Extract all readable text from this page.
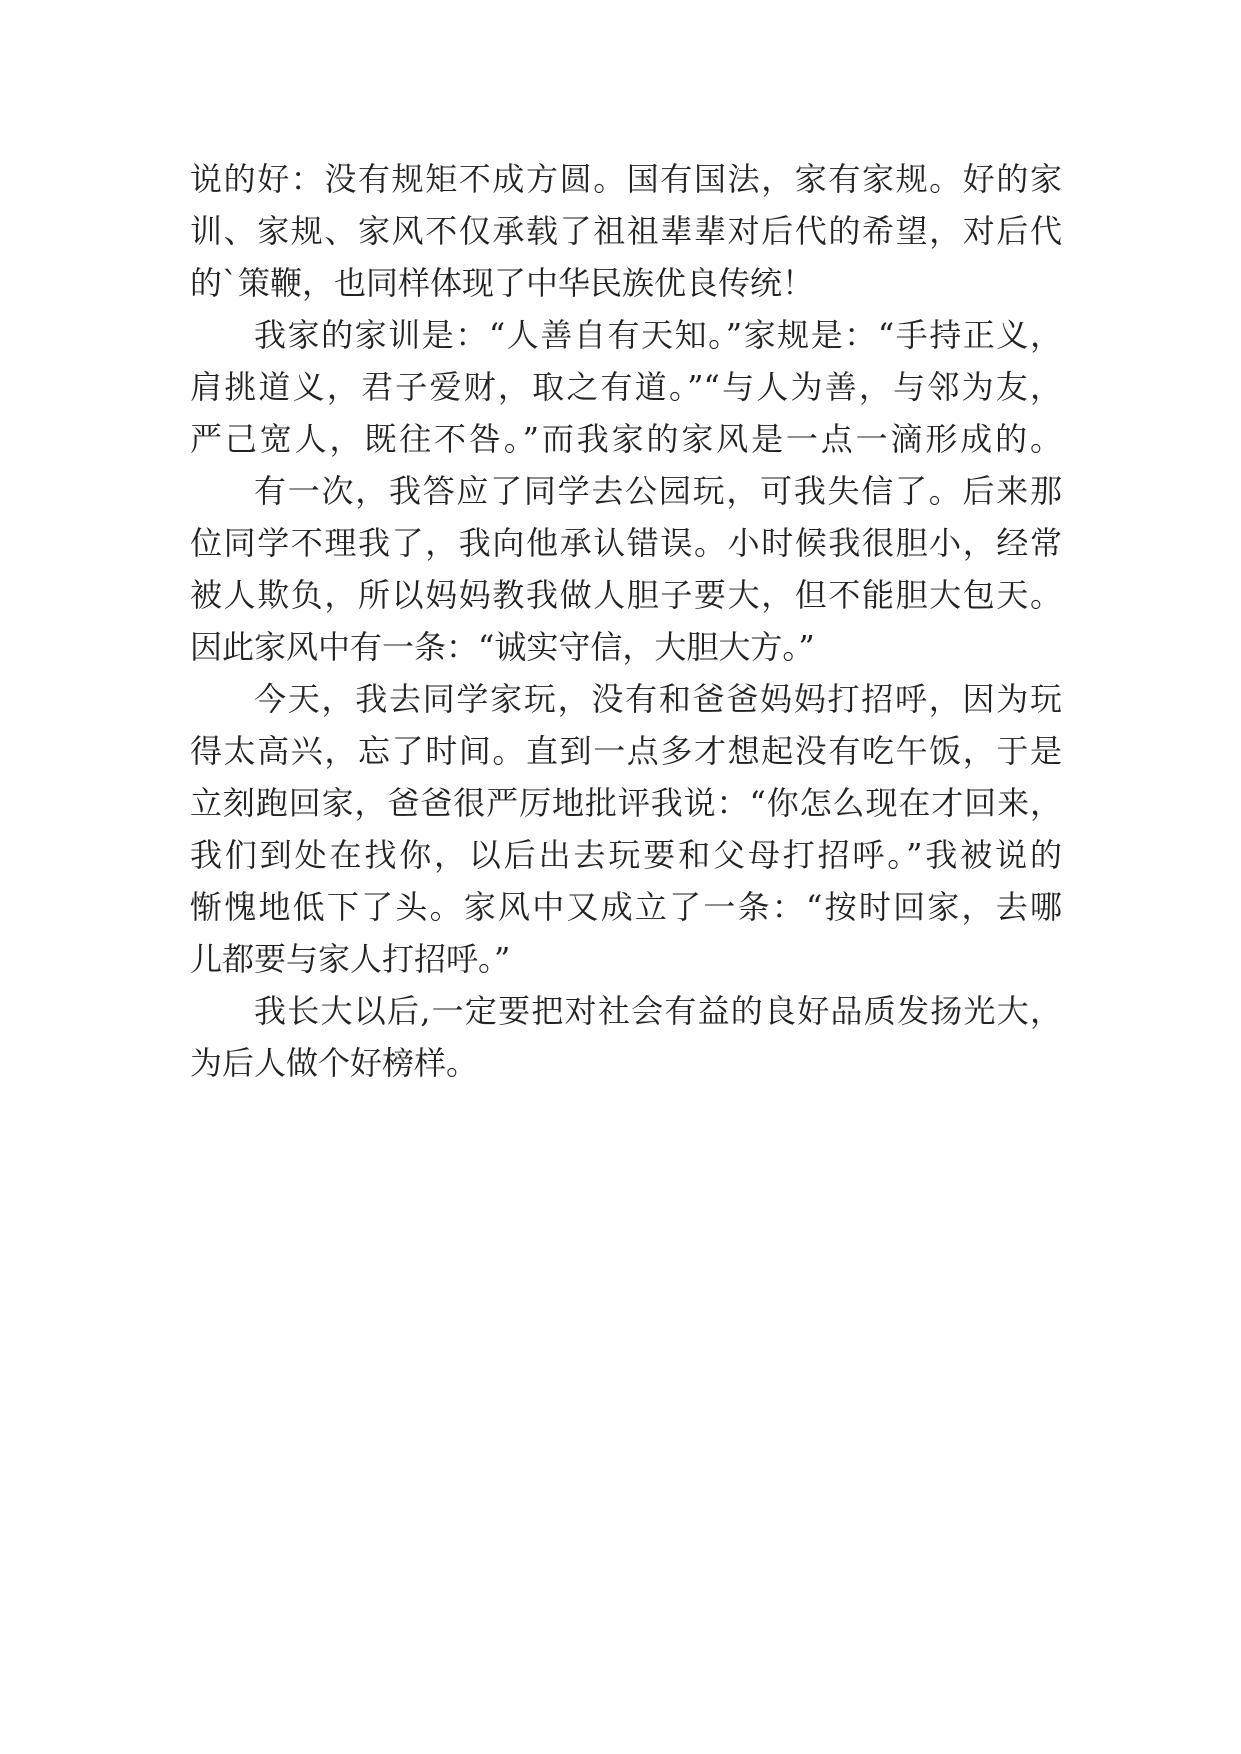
说的好：没有规矩不成方圆。国有国法，家有家规。好的家
训、家规、家风不仅承载了祖祖辈辈对后代的希望，对后代
的`策鞭，也同样体现了中华民族优良传统！
我家的家训是：“人善自有天知。”家规是：“手持正义，
肩挑道义，君子爱财，取之有道。”“与人为善，与邻为友，
严己宽人，既往不咎。”而我家的家风是一点一滴形成的。
有一次，我答应了同学去公园玩，可我失信了。后来那
位同学不理我了，我向他承认错误。小时候我很胆小，经常
被人欺负，所以妈妈教我做人胆子要大，但不能胆大包天。
因此家风中有一条：“诚实守信，大胆大方。”
今天，我去同学家玩，没有和爸爸妈妈打招呼，因为玩
得太高兴，忘了时间。直到一点多才想起没有吃午饭，于是
立刻跑回家，爸爸很严厉地批评我说：“你怎么现在才回来，
我们到处在找你，以后出去玩要和父母打招呼。”我被说的
惭愧地低下了头。家风中又成立了一条：“按时回家，去哪
儿都要与家人打招呼。”
我长大以后,一定要把对社会有益的良好品质发扬光大，
为后人做个好榜样。
